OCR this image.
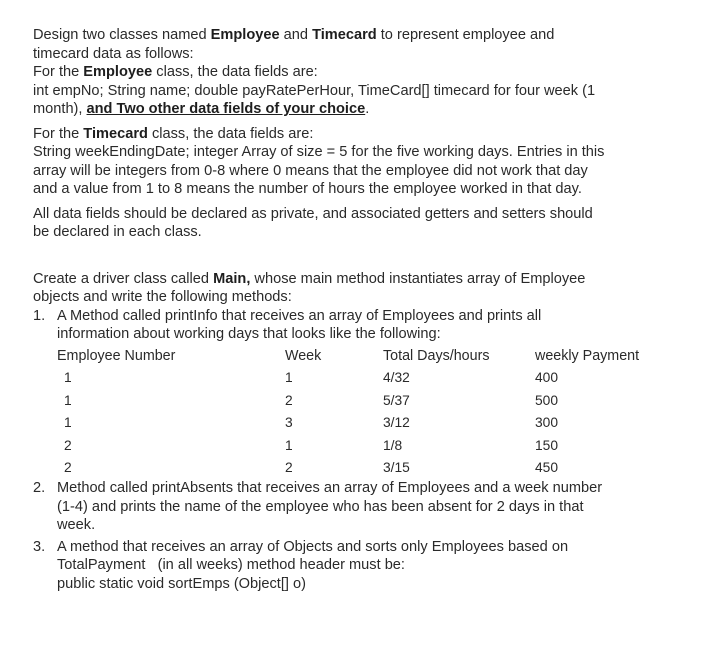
Design two classes named Employee and Timecard to represent employee and
timecard data as follows:

For the Employee class, the data fields are:
int empNo; String name; double payRatePerHour, TimeCard[] timecard for four week (1
month), and Two other data fields of your choice.

For the Timecard class, the data fields are:
String weekEndingDate; integer Array of size = 5 for the five working days. Entries in this
array will be integers from 0-8 where 0 means that the employee did not work that day
and a value from 1 to 8 means the number of hours the employee worked in that day.

All data fields should be declared as private, and associated getters and setters should
be declared in each class.

Create a driver class called Main, whose main method instantiates array of Employee
objects and write the following methods:

1. A Method called printInfo that receives an array of Employees and prints all
information about working days that looks like the following:
Employee Number	Week	Total Days/hours	weekly Payment
1	1	4/32	400
1	2	5/37	500
1	3	3/12	300
2	1	1/8	150
2	2	3/15	450
2. Method called printAbsents that receives an array of Employees and a week number
(1-4) and prints the name of the employee who has been absent for 2 days in that
week.
3. A method that receives an array of Objects and sorts only Employees based on
TotalPayment   (in all weeks) method header must be:
public static void sortEmps (Object[] o)
